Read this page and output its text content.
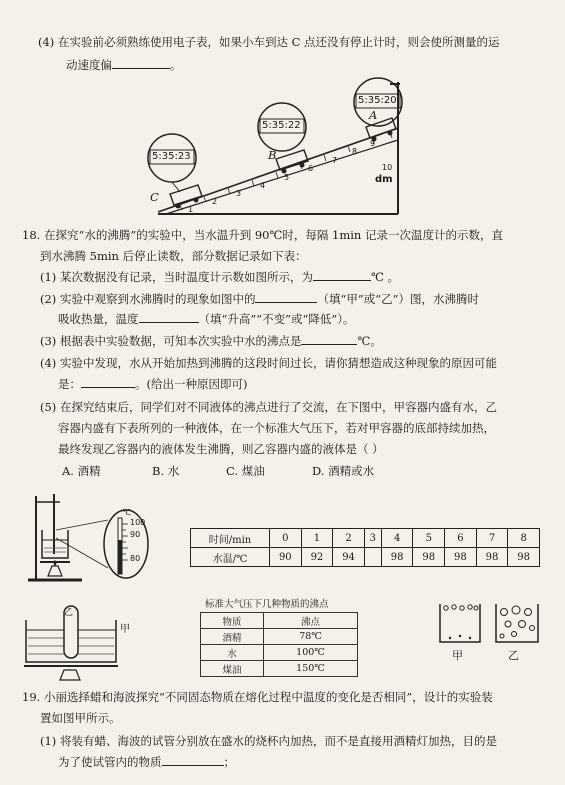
(4) 在实验前必须熟练使用电子表，如果小车到达 C 点还没有停止计时，则会使所测量的运
动速度偏	。
5:35:23
5:35:22
5:35:20
A
B
C
1
2
3
4
5
6
7
8
9
10
dm
18. 在探究“水的沸腾”的实验中，当水温升到 90℃时，每隔 1min 记录一次温度计的示数，直
到水沸腾 5min 后停止读数，部分数据记录如下表：
(1) 某次数据没有记录，当时温度计示数如图所示，为	℃ 。
(2) 实验中观察到水沸腾时的现象如图中的	（填“甲”或“乙”）图，水沸腾时
吸收热量，温度	（填“升高”“不变”或“降低”）。
(3) 根据表中实验数据，可知本次实验中水的沸点是	℃。
(4) 实验中发现，水从开始加热到沸腾的这段时间过长，请你猜想造成这种现象的原因可能
是：	。(给出一种原因即可)
(5) 在探究结束后，同学们对不同液体的沸点进行了交流，在下图中，甲容器内盛有水，乙
容器内盛有下表所列的一种液体，在一个标准大气压下，若对甲容器的底部持续加热，
最终发现乙容器内的液体发生沸腾，则乙容器内盛的液体是（ ）
A. 酒精	B. 水	C. 煤油	D. 酒精或水
℃
100
90
80
时间/min	0	1	2	3	4	5	6	7	8
水温/℃	90	92	94		98	98	98	98	98
乙
甲
标准大气压下几种物质的沸点
物质	沸点
酒精	78℃
水	100℃
煤油	150℃
甲	乙
19. 小丽选择蜡和海波探究“不同固态物质在熔化过程中温度的变化是否相同”，设计的实验装
置如图甲所示。
(1) 将装有蜡、海波的试管分别放在盛水的烧杯内加热，而不是直接用酒精灯加热，目的是
为了使试管内的物质	；
